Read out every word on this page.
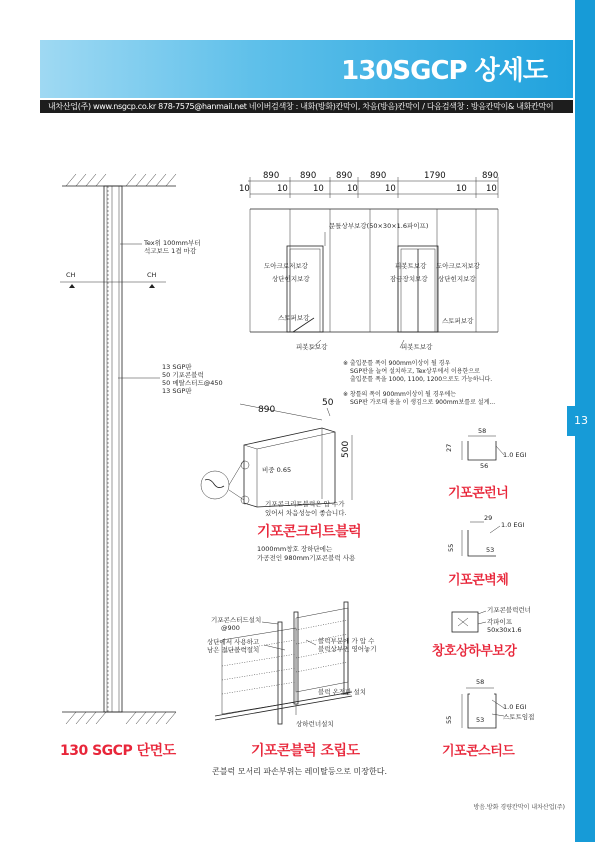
130SGCP 상세도
내차산업(주) www.nsgcp.co.kr 878-7575@hanmail.net 네이버검색창 : 내화(방화)칸막이, 차음(방음)칸막이 / 다음검색창 : 방음칸막이& 내화칸막이
13
890 890 890 890	1790	890
10	10	10	10	10	10 10
문틀상부보강(50×30×1.6파이프)
도아크로저보강
상단힌지보강
스토퍼보강
피봇트보강
피봇트보강 도아크로저보강
잠금장치보강 상단힌지보강
스토퍼보강
피봇트보강
※ 출입문틀 폭이 900mm이상이 될 경우
SGP판을 늘여 설치하고, Tex상부에서 이용한으로
출입문틀 폭을 1000, 1100, 1200으로도 가능하니다.
※ 창틀의 폭이 900mm이상이 될 경우에는
SGP판 가로대 용을 이 생김으로 900mm보를로 설계...
Tex위 100mm부터
석고보드 1겹 마감
CH	CH
13 SGP판
50 기포콘블럭
50 메탈스터드@450
13 SGP판
130 SGCP 단면도
890
50
500
비중 0.65
기포콘크리트블럭은 압 수가
있어서 차음성능이 좋습니다.
기포콘크리트블럭
1000mm창호 장하단에는
가공전인 980mm기포콘블럭 사용
기포콘스터드설치
@900
상단에서 사용하고
남은 절단블럭설치
블럭부분에 가 압 수
블럭상부면 영어놓기
블럭 온정판 설치
상하런너설치
기포콘블럭 조립도
콘블럭 모서리 파손부위는 레미탈등으로 미장한다.
58
27
56
1.0 EGI
기포콘런너
29
55	53
1.0 EGI
기포콘벽체
기포콘블럭런너
각파이프
50x30x1.6
창호상하부보강
58
55	53
1.0 EGI
스토트임접
기포콘스터드
방음.방화 경량칸막이 내차산업(주)
